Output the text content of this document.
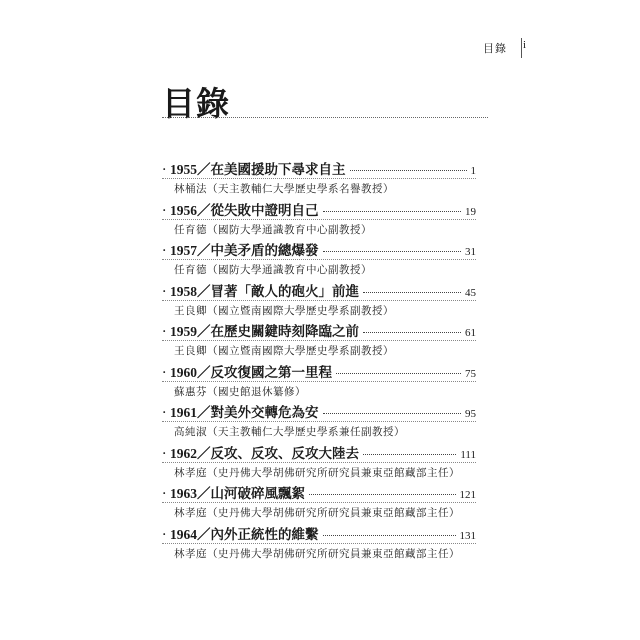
目錄 i
目錄
· 1955／在美國援助下尋求自主	1
林桶法（天主教輔仁大學歷史學系名譽教授）
· 1956／從失敗中證明自己	19
任育德（國防大學通識教育中心副教授）
· 1957／中美矛盾的總爆發	31
任育德（國防大學通識教育中心副教授）
· 1958／冒著「敵人的砲火」前進	45
王良卿（國立暨南國際大學歷史學系副教授）
· 1959／在歷史關鍵時刻降臨之前	61
王良卿（國立暨南國際大學歷史學系副教授）
· 1960／反攻復國之第一里程	75
蘇惠芬（國史館退休纂修）
· 1961／對美外交轉危為安	95
高純淑（天主教輔仁大學歷史學系兼任副教授）
· 1962／反攻、反攻、反攻大陸去	111
林孝庭（史丹佛大學胡佛研究所研究員兼東亞館藏部主任）
· 1963／山河破碎風飄絮	121
林孝庭（史丹佛大學胡佛研究所研究員兼東亞館藏部主任）
· 1964／內外正統性的維繫	131
林孝庭（史丹佛大學胡佛研究所研究員兼東亞館藏部主任）
